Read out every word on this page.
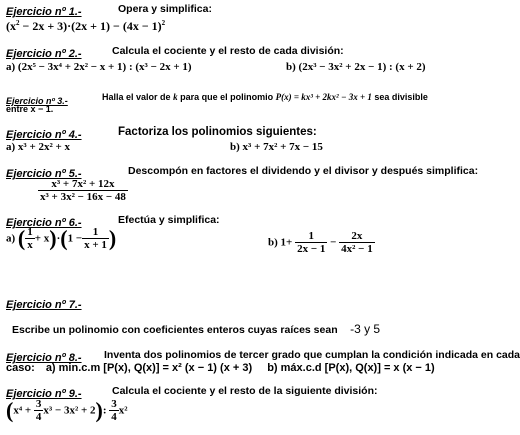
Ejercicio nº 1.-	Opera y simplifica:
$(x^2 - 2x + 3)\cdot(2x + 1) - (4x - 1)^2$
Ejercicio nº 2.-	Calcula el cociente y el resto de cada división:
a) (2x⁵ − 3x⁴ + 2x² − x + 1) : (x³ − 2x + 1)	b) (2x³ − 3x² + 2x − 1) : (x + 2)
Ejercicio nº 3.-	Halla el valor de k para que el polinomio P(x) = kx³ + 2kx² − 3x + 1 sea divisible
entre x − 1.
Ejercicio nº 4.-	Factoriza los polinomios siguientes:
a) x³ + 2x² + x	b) x³ + 7x² + 7x − 15
Ejercicio nº 5.-	Descompón en factores el dividendo y el divisor y después simplifica:
$\frac{\text{x³ + 7x² + 12x}}{\text{x³ + 3x² − 16x − 48}}$
Ejercicio nº 6.-	Efectúa y simplifica:
a) ( $\frac{1}{x} + x)\cdot(1 - \frac{1}{x + 1}$ )	b) $1+ \frac{1}{2x - 1} - \frac{2x}{\text{4x² − 1}}$
Ejercicio nº 7.-
Escribe un polinomio con coeficientes enteros cuyas raíces sean -3 y 5
Ejercicio nº 8.- Inventa dos polinomios de tercer grado que cumplan la condición indicada en cada
caso: a) min.c.m [P(x), Q(x)] = x² (x − 1) (x + 3) b) máx.c.d [P(x), Q(x)] = x (x − 1)
Ejercicio nº 9.-	Calcula el cociente y el resto de la siguiente división:
$(x^4 + \frac{3}{4} x^3 - 3x^2 + 2)$: $\frac{3}{4} x^2$
